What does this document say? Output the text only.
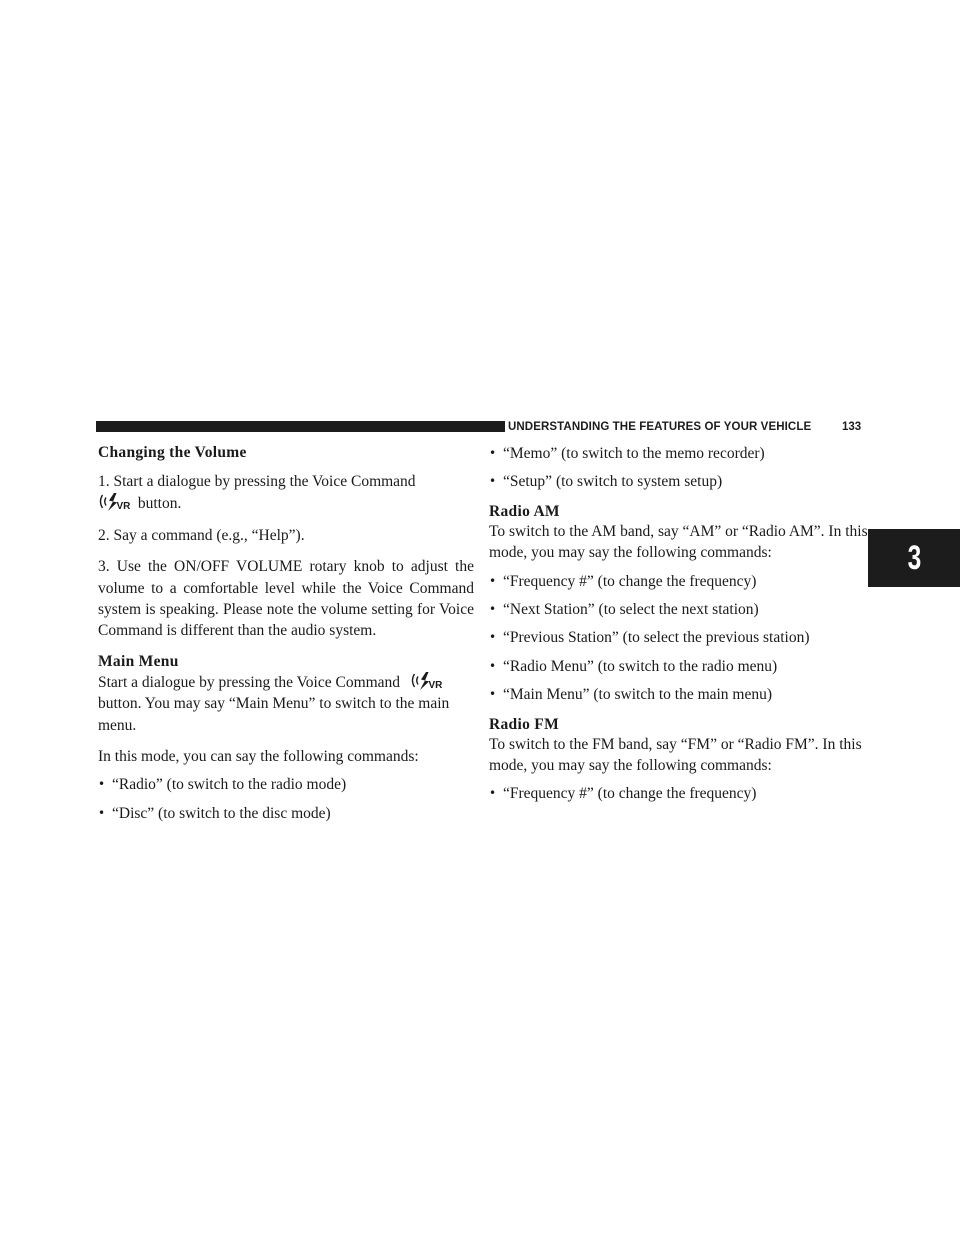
UNDERSTANDING THE FEATURES OF YOUR VEHICLE	133
3
Changing the Volume

1. Start a dialogue by pressing the Voice Command

VR button.

2. Say a command (e.g., “Help”).

3. Use the ON/OFF VOLUME rotary knob to adjust the volume to a comfortable level while the Voice Command system is speaking. Please note the volume setting for Voice Command is different than the audio system.

Main Menu

Start a dialogue by pressing the Voice Command	VR

button. You may say “Main Menu” to switch to the main menu.

In this mode, you can say the following commands:

• “Radio” (to switch to the radio mode)
• “Disc” (to switch to the disc mode)
• “Memo” (to switch to the memo recorder)
• “Setup” (to switch to system setup)
Radio AM

To switch to the AM band, say “AM” or “Radio AM”. In this mode, you may say the following commands:

• “Frequency #” (to change the frequency)
• “Next Station” (to select the next station)
• “Previous Station” (to select the previous station)
• “Radio Menu” (to switch to the radio menu)
• “Main Menu” (to switch to the main menu)
Radio FM

To switch to the FM band, say “FM” or “Radio FM”. In this mode, you may say the following commands:

• “Frequency #” (to change the frequency)
